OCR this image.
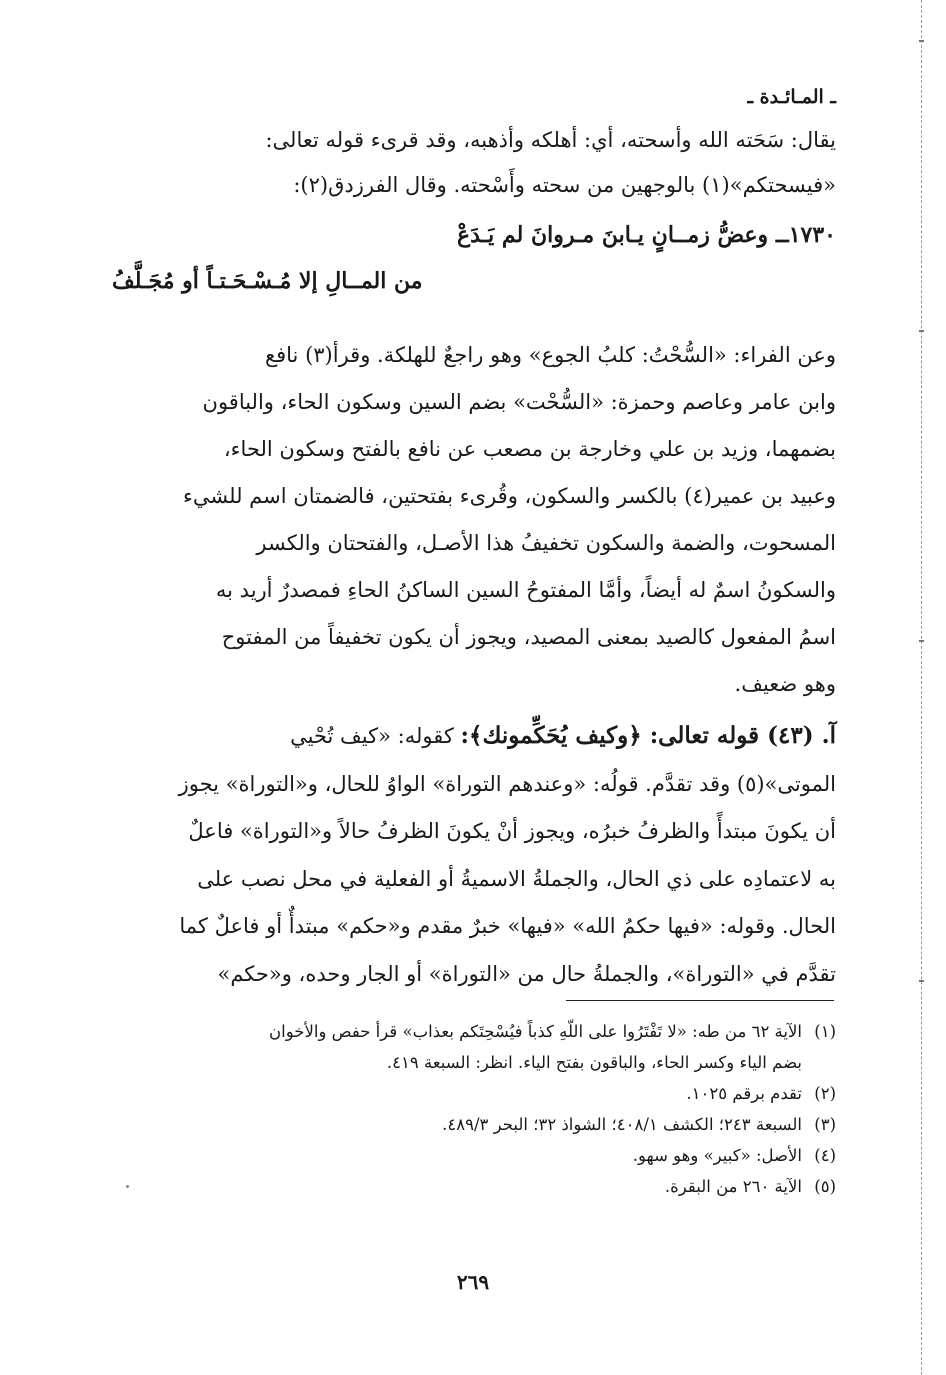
ـ المـائـدة ـ

يقال: سَحَته الله وأسحته، أي: أهلكه وأذهبه، وقد قرىء قوله تعالى:

«فيسحتكم»(١) بالوجهين من سحته وأَسْحته. وقال الفرزدق(٢):

١٧٣٠ــ وعضُّ زمــانٍ يـابنَ مـروانَ لم يَـدَعْ
من المــالِ إلا مُـسْـحَـتـاً أو مُجَـلَّفُ

وعن الفراء: «السُّحْتُ: كلبُ الجوع» وهو راجعٌ للهلكة. وقرأ(٣) نافع

وابن عامر وعاصم وحمزة: «السُّحْت» بضم السين وسكون الحاء، والباقون

بضمهما، وزيد بن علي وخارجة بن مصعب عن نافع بالفتح وسكون الحاء،

وعبيد بن عمير(٤) بالكسر والسكون، وقُرىء بفتحتين، فالضمتان اسم للشيء

المسحوت، والضمة والسكون تخفيفُ هذا الأصـل، والفتحتان والكسر

والسكونُ اسمٌ له أيضاً، وأمَّا المفتوحُ السين الساكنُ الحاءِ فمصدرٌ أريد به

اسمُ المفعول كالصيد بمعنى المصيد، ويجوز أن يكون تخفيفاً من المفتوح

وهو ضعيف.

آ. (٤٣) قوله تعالى: ﴿وكيف يُحَكِّمونك﴾: كقوله: «كيف تُحْيي

الموتى»(٥) وقد تقدَّم. قولُه: «وعندهم التوراة» الواوُ للحال، و«التوراة» يجوز

أن يكونَ مبتدأً والظرفُ خبرُه، ويجوز أنْ يكونَ الظرفُ حالاً و«التوراة» فاعلٌ

به لاعتمادِه على ذي الحال، والجملةُ الاسميةُ أو الفعلية في محل نصب على

الحال. وقوله: «فيها حكمُ الله» «فيها» خبرٌ مقدم و«حكم» مبتدأٌ أو فاعلٌ كما

تقدَّم في «التوراة»، والجملةُ حال من «التوراة» أو الجار وحده، و«حكم»

(١)الآية ٦٢ من طه: «لا تَفْتَرُوا على اللّهِ كذباً فيُسْحِتَكم بعذاب» قرأ حفص والأخوان
بضم الياء وكسر الحاء، والباقون بفتح الياء. انظر: السبعة ٤١٩.
(٢)تقدم برقم ١٠٢٥.
(٣)السبعة ٢٤٣؛ الكشف ٤٠٨/١؛ الشواذ ٣٢؛ البحر ٤٨٩/٣.
(٤)الأصل: «كبير» وهو سهو.
(٥)الآية ٢٦٠ من البقرة.
٢٦٩
